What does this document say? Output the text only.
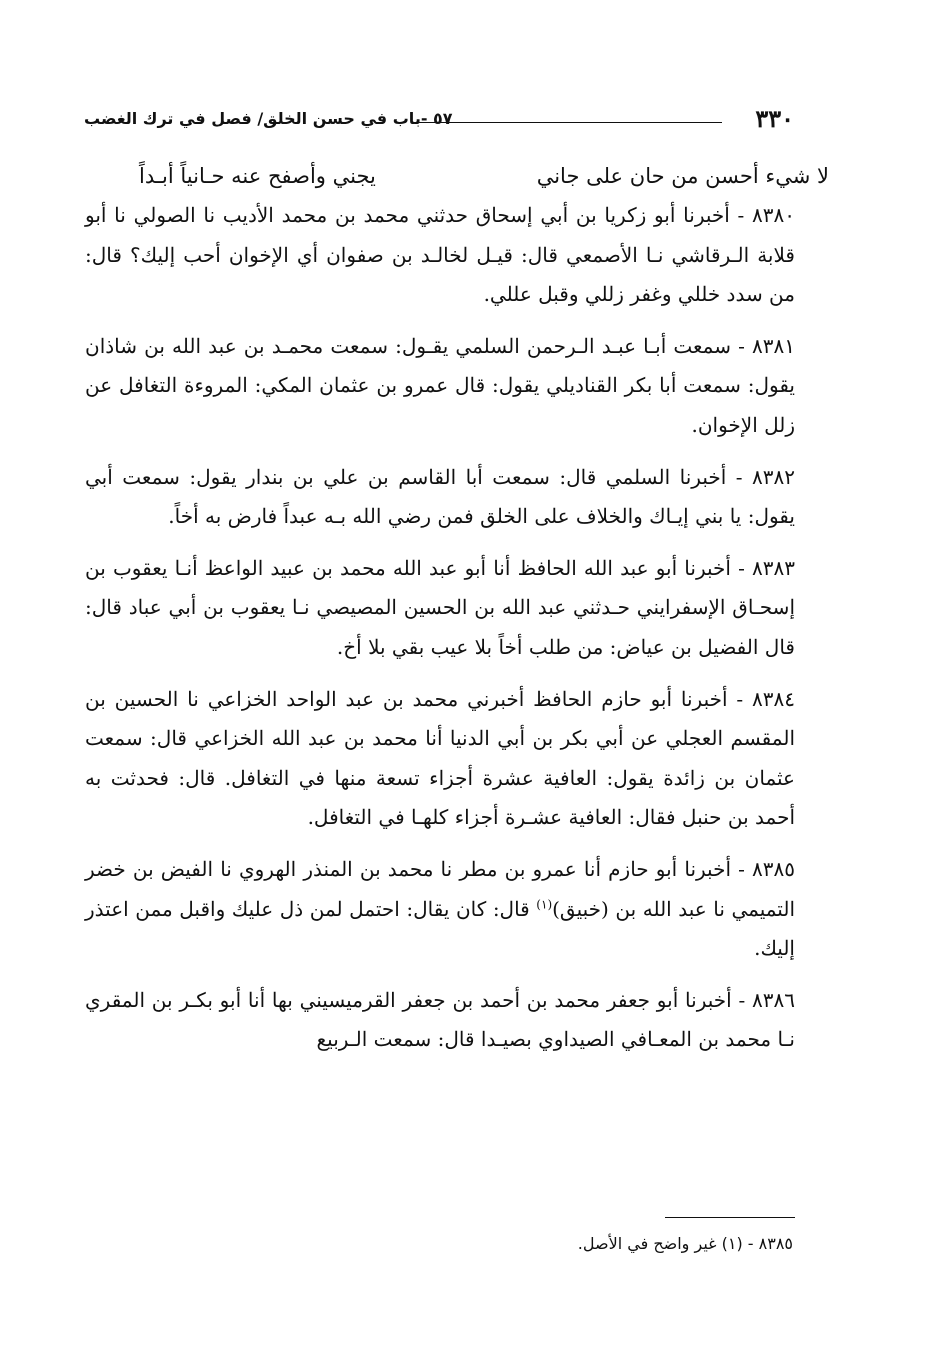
٣٣٠
٥٧ -باب في حسن الخلق/ فصل في ترك الغضب
لا شيء أحسن من حان على جاني
يجني وأصفح عنه حـانياً أبـداً

٨٣٨٠ - أخبرنا أبو زكريا بن أبي إسحاق حدثني محمد بن محمد الأديب نا الصولي نا أبو قلابة الـرقاشي نـا الأصمعي قال: قيـل لخالـد بن صفوان أي الإخوان أحب إليك؟ قال: من سدد خللي وغفر زللي وقبل عللي.

٨٣٨١ - سمعت أبـا عبـد الـرحمن السلمي يقـول: سمعت محمـد بن عبد الله بن شاذان يقول: سمعت أبا بكر القناديلي يقول: قال عمرو بن عثمان المكي: المروءة التغافل عن زلل الإخوان.

٨٣٨٢ - أخبرنا السلمي قال: سمعت أبا القاسم بن علي بن بندار يقول: سمعت أبي يقول: يا بني إيـاك والخلاف على الخلق فمن رضي الله بـه عبداً فارض به أخاً.

٨٣٨٣ - أخبرنا أبو عبد الله الحافظ أنا أبو عبد الله محمد بن عبيد الواعظ أنـا يعقوب بن إسحـاق الإسفرايني حـدثني عبد الله بن الحسين المصيصي نـا يعقوب بن أبي عباد قال: قال الفضيل بن عياض: من طلب أخاً بلا عيب بقي بلا أخ.

٨٣٨٤ - أخبرنا أبو حازم الحافظ أخبرني محمد بن عبد الواحد الخزاعي نا الحسين بن المقسم العجلي عن أبي بكر بن أبي الدنيا أنا محمد بن عبد الله الخزاعي قال: سمعت عثمان بن زائدة يقول: العافية عشرة أجزاء تسعة منها في التغافل. قال: فحدثت به أحمد بن حنبل فقال: العافية عشـرة أجزاء كلهـا في التغافل.

٨٣٨٥ - أخبرنا أبو حازم أنا عمرو بن مطر نا محمد بن المنذر الهروي نا الفيض بن خضر التميمي نا عبد الله بن (خبيق)$^{(١)}$ قال: كان يقال: احتمل لمن ذل عليك واقبل ممن اعتذر إليك.

٨٣٨٦ - أخبرنا أبو جعفر محمد بن أحمد بن جعفر القرميسيني بها أنا أبو بكـر بن المقري نـا محمد بن المعـافي الصيداوي بصيـدا قال: سمعت الـربيع

٨٣٨٥ - (١) غير واضح في الأصل.
